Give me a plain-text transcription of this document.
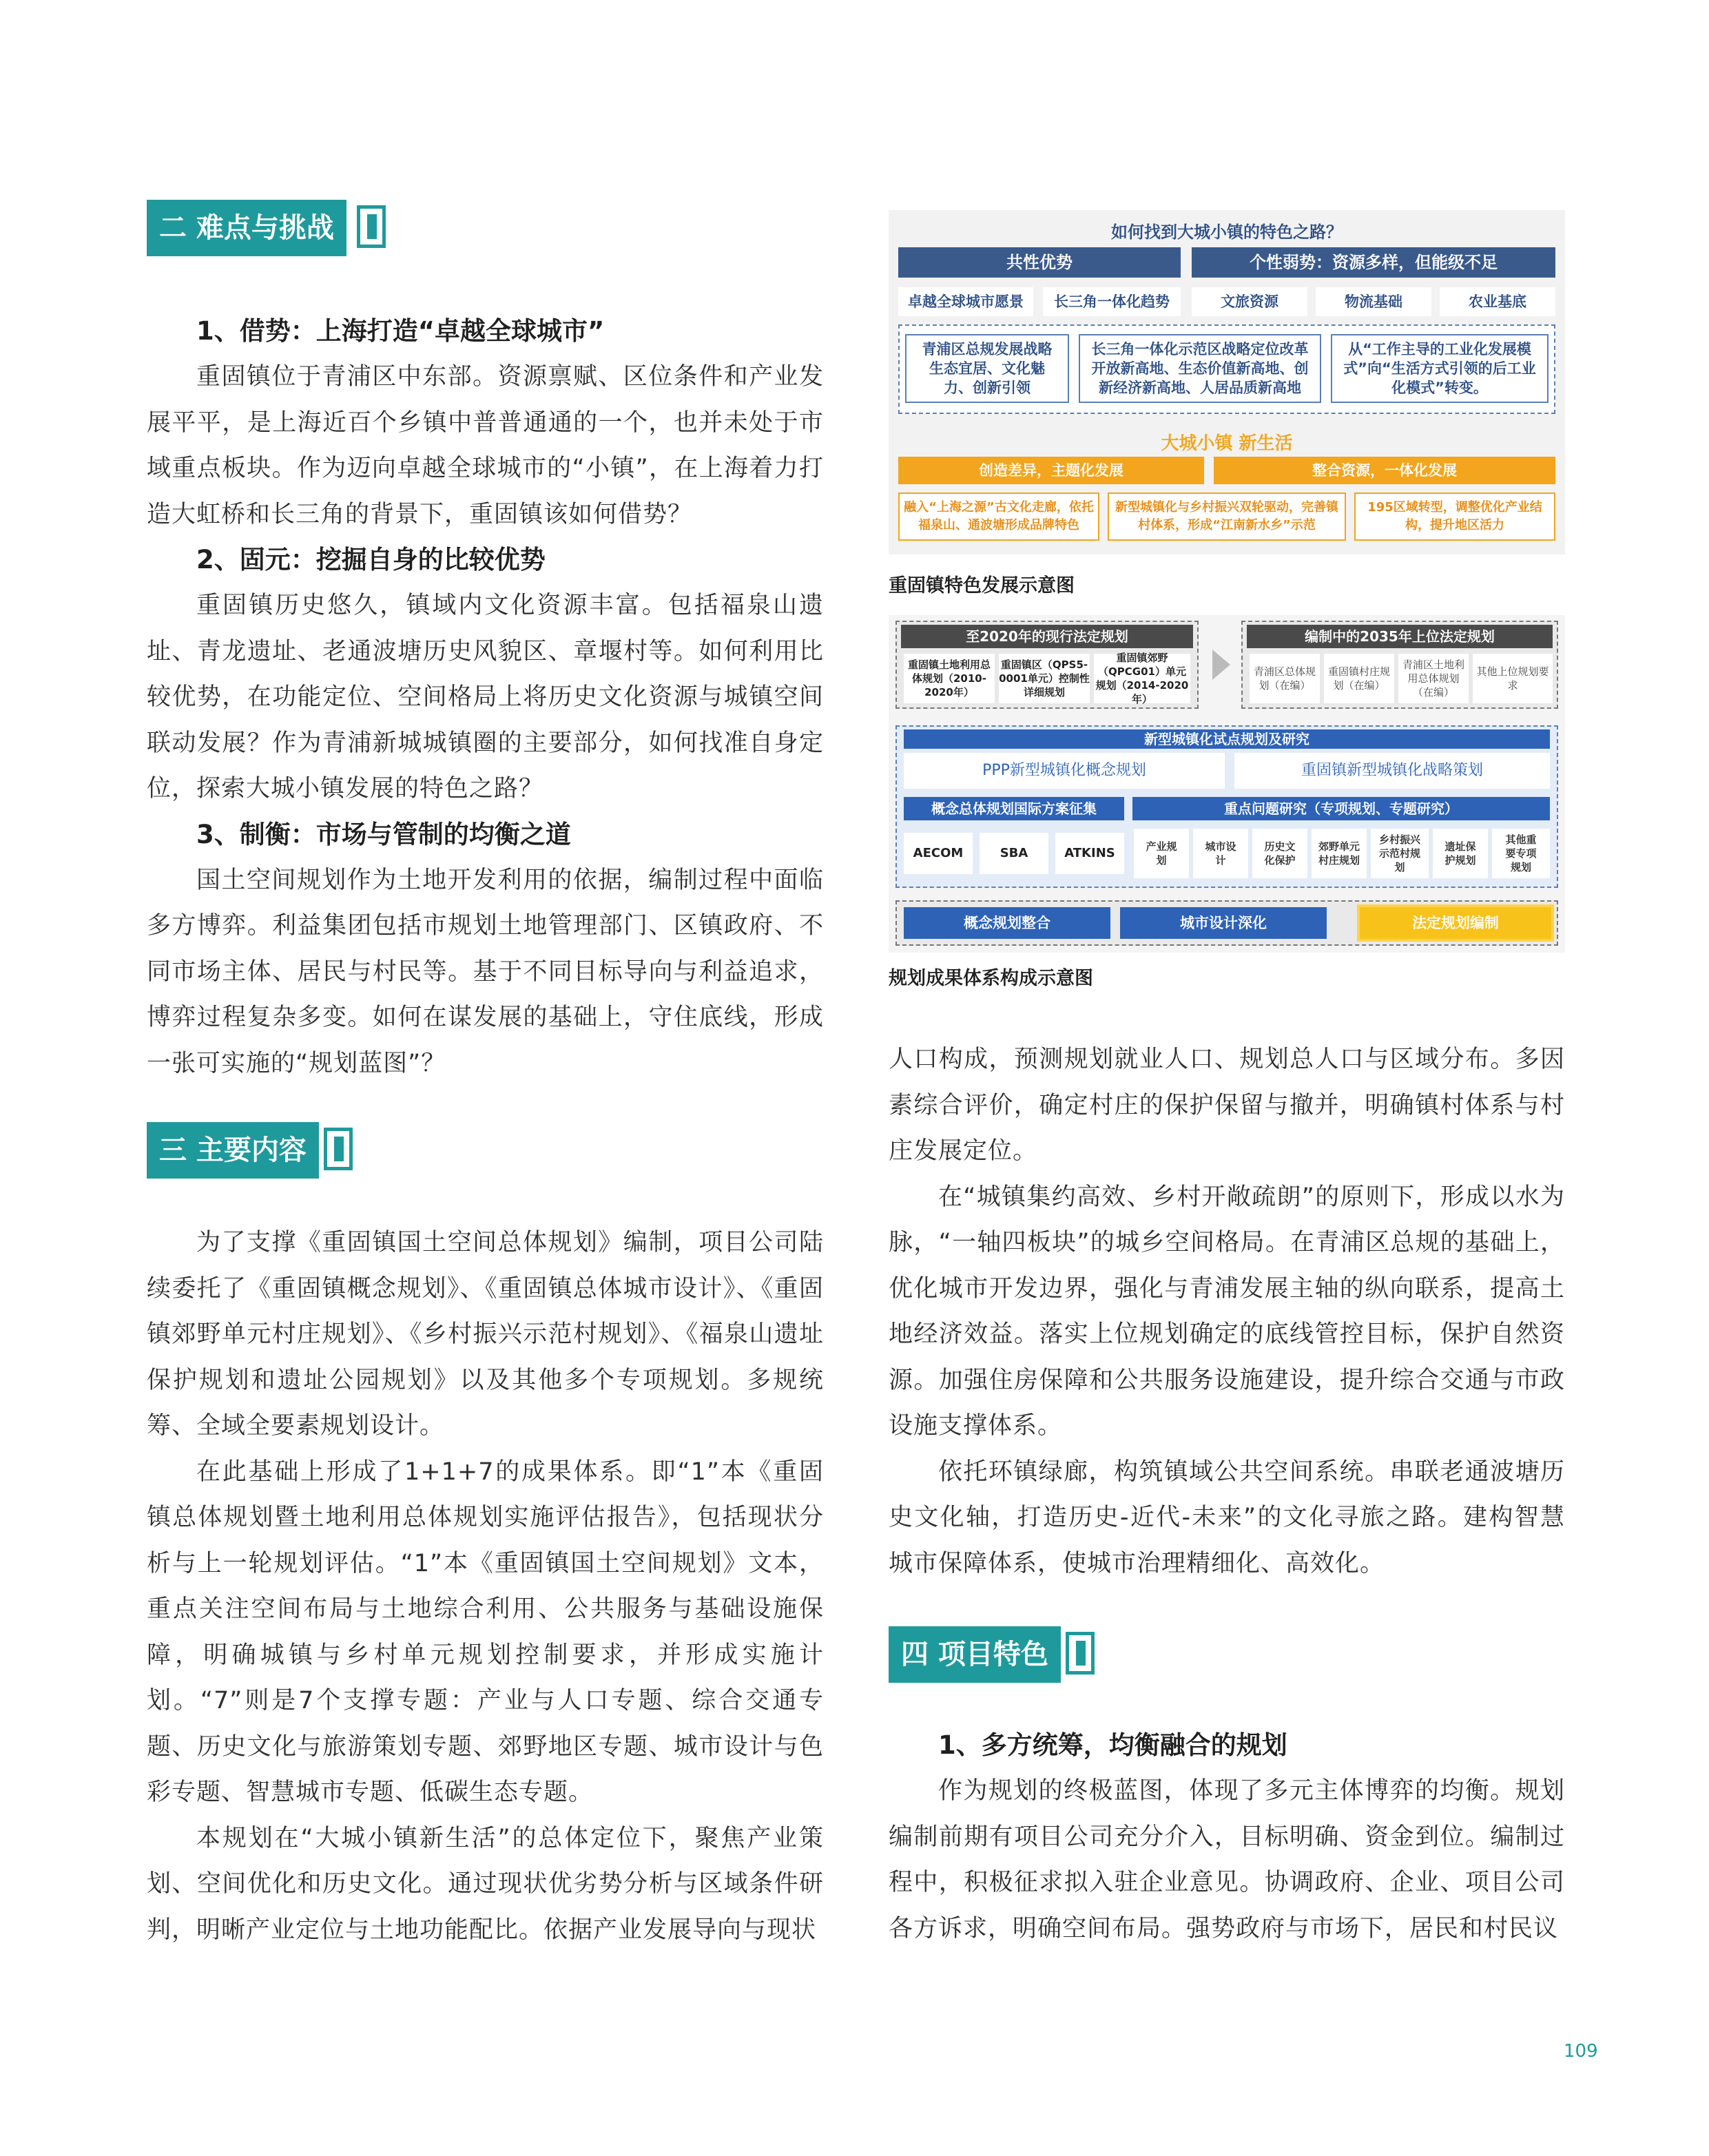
二 难点与挑战

1、借势：上海打造“卓越全球城市”

重固镇位于青浦区中东部。资源禀赋、区位条件和产业发展平平，是上海近百个乡镇中普普通通的一个，也并未处于市域重点板块。作为迈向卓越全球城市的“小镇”，在上海着力打造大虹桥和长三角的背景下，重固镇该如何借势？

2、固元：挖掘自身的比较优势

重固镇历史悠久，镇域内文化资源丰富。包括福泉山遗址、青龙遗址、老通波塘历史风貌区、章堰村等。如何利用比较优势，在功能定位、空间格局上将历史文化资源与城镇空间联动发展？作为青浦新城城镇圈的主要部分，如何找准自身定位，探索大城小镇发展的特色之路？

3、制衡：市场与管制的均衡之道

国土空间规划作为土地开发利用的依据，编制过程中面临多方博弈。利益集团包括市规划土地管理部门、区镇政府、不同市场主体、居民与村民等。基于不同目标导向与利益追求，博弈过程复杂多变。如何在谋发展的基础上，守住底线，形成一张可实施的“规划蓝图”？

三 主要内容

为了支撑《重固镇国土空间总体规划》编制，项目公司陆续委托了《重固镇概念规划》、《重固镇总体城市设计》、《重固镇郊野单元村庄规划》、《乡村振兴示范村规划》、《福泉山遗址保护规划和遗址公园规划》以及其他多个专项规划。多规统筹、全域全要素规划设计。

在此基础上形成了1+1+7的成果体系。即“1”本《重固镇总体规划暨土地利用总体规划实施评估报告》，包括现状分析与上一轮规划评估。“1”本《重固镇国土空间规划》文本，重点关注空间布局与土地综合利用、公共服务与基础设施保障，明确城镇与乡村单元规划控制要求，并形成实施计划。“7”则是7个支撑专题：产业与人口专题、综合交通专题、历史文化与旅游策划专题、郊野地区专题、城市设计与色彩专题、智慧城市专题、低碳生态专题。

本规划在“大城小镇新生活”的总体定位下，聚焦产业策划、空间优化和历史文化。通过现状优劣势分析与区域条件研判，明晰产业定位与土地功能配比。依据产业发展导向与现状

如何找到大城小镇的特色之路？
共性优势	个性弱势：资源多样，但能级不足
卓越全球城市愿景	长三角一体化趋势	文旅资源	物流基础	农业基底
青浦区总规发展战略生态宜居、文化魅力、创新引领
长三角一体化示范区战略定位改革开放新高地、生态价值新高地、创新经济新高地、人居品质新高地
从“工作主导的工业化发展模式”向“生活方式引领的后工业化模式”转变。
大城小镇 新生活
创造差异，主题化发展	整合资源，一体化发展
融入“上海之源”古文化走廊，依托福泉山、通波塘形成品牌特色
新型城镇化与乡村振兴双轮驱动，完善镇村体系，形成“江南新水乡”示范
195区域转型，调整优化产业结构，提升地区活力
重固镇特色发展示意图
至2020年的现行法定规划
重固镇土地利用总体规划（2010-2020年）
重固镇区（QPS5-0001单元）控制性详细规划
重固镇郊野（QPCG01）单元规划（2014-2020年）
编制中的2035年上位法定规划
青浦区总体规划（在编）
重固镇村庄规划（在编）
青浦区土地利用总体规划（在编）
其他上位规划要求
新型城镇化试点规划及研究
PPP新型城镇化概念规划	重固镇新型城镇化战略策划
概念总体规划国际方案征集	重点问题研究（专项规划、专题研究）
AECOM	SBA	ATKINS	产业规划
城市设计
历史文化保护
郊野单元村庄规划
乡村振兴示范村规划
遗址保护规划
其他重要专项规划
概念规划整合	城市设计深化	法定规划编制
规划成果体系构成示意图

人口构成，预测规划就业人口、规划总人口与区域分布。多因素综合评价，确定村庄的保护保留与撤并，明确镇村体系与村庄发展定位。

在“城镇集约高效、乡村开敞疏朗”的原则下，形成以水为脉，“一轴四板块”的城乡空间格局。在青浦区总规的基础上，优化城市开发边界，强化与青浦发展主轴的纵向联系，提高土地经济效益。落实上位规划确定的底线管控目标，保护自然资源。加强住房保障和公共服务设施建设，提升综合交通与市政设施支撑体系。

依托环镇绿廊，构筑镇域公共空间系统。串联老通波塘历史文化轴，打造历史-近代-未来”的文化寻旅之路。建构智慧城市保障体系，使城市治理精细化、高效化。

四 项目特色

1、多方统筹，均衡融合的规划

作为规划的终极蓝图，体现了多元主体博弈的均衡。规划编制前期有项目公司充分介入，目标明确、资金到位。编制过程中，积极征求拟入驻企业意见。协调政府、企业、项目公司各方诉求，明确空间布局。强势政府与市场下，居民和村民议

109
